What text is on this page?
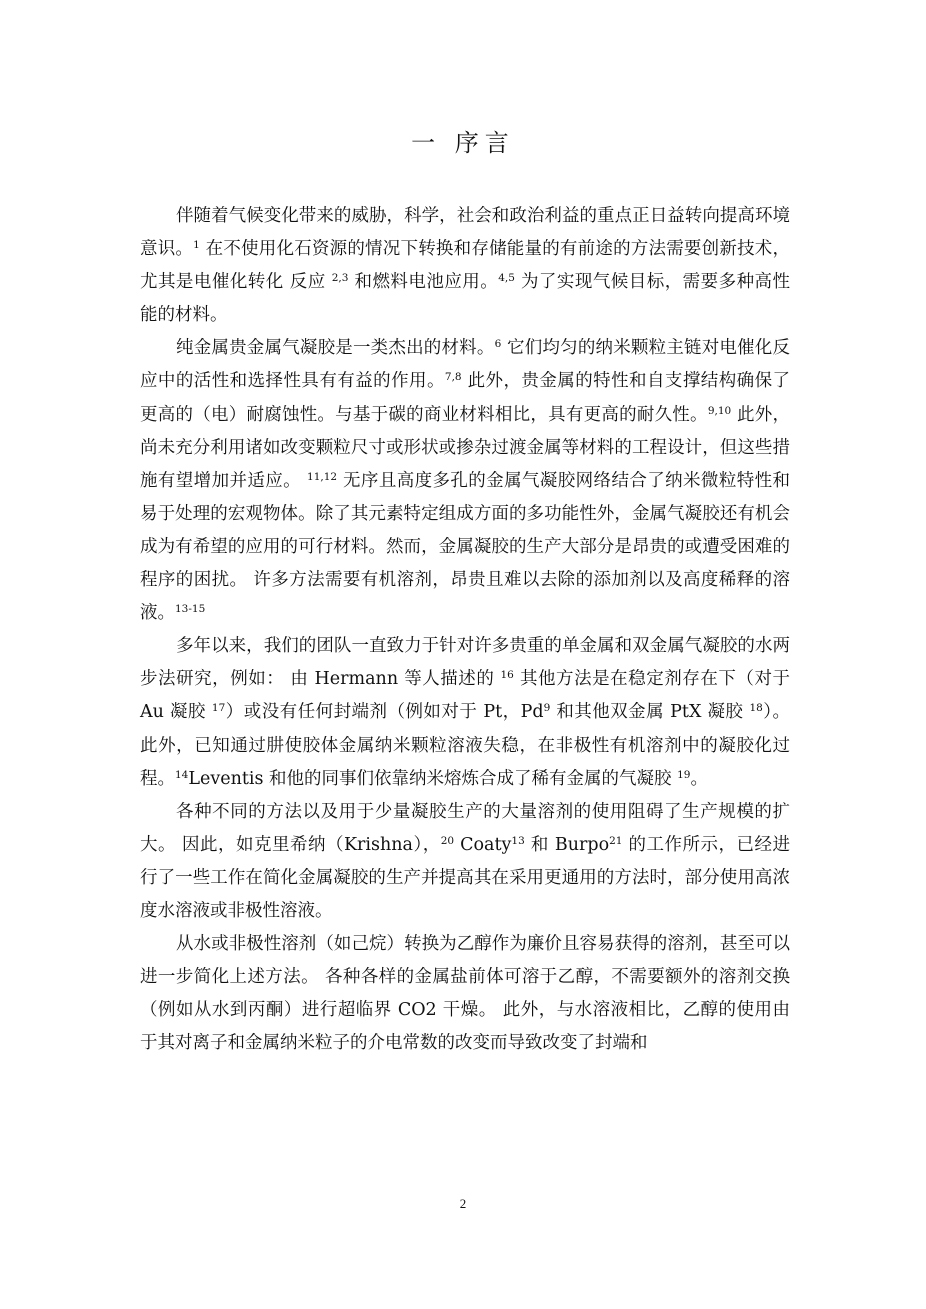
一 序言

伴随着气候变化带来的威胁，科学，社会和政治利益的重点正日益转向提高环境意识。$^1$ 在不使用化石资源的情况下转换和存储能量的有前途的方法需要创新技术，尤其是电催化转化 反应 $^{2,3}$ 和燃料电池应用。$^{4,5}$ 为了实现气候目标，需要多种高性能的材料。

纯金属贵金属气凝胶是一类杰出的材料。$^6$ 它们均匀的纳米颗粒主链对电催化反应中的活性和选择性具有有益的作用。$^{7,8}$ 此外，贵金属的特性和自支撑结构确保了更高的（电）耐腐蚀性。与基于碳的商业材料相比，具有更高的耐久性。$^{9,10}$ 此外，尚未充分利用诸如改变颗粒尺寸或形状或掺杂过渡金属等材料的工程设计，但这些措施有望增加并适应。 $^{11,12}$ 无序且高度多孔的金属气凝胶网络结合了纳米微粒特性和易于处理的宏观物体。除了其元素特定组成方面的多功能性外，金属气凝胶还有机会成为有希望的应用的可行材料。然而，金属凝胶的生产大部分是昂贵的或遭受困难的程序的困扰。 许多方法需要有机溶剂，昂贵且难以去除的添加剂以及高度稀释的溶液。$^{13-15}$

多年以来，我们的团队一直致力于针对许多贵重的单金属和双金属气凝胶的水两步法研究，例如： 由 Hermann 等人描述的 $^{16}$ 其他方法是在稳定剂存在下（对于 Au 凝胶 $^{17}$）或没有任何封端剂（例如对于 Pt，Pd$^9$ 和其他双金属 PtX 凝胶 $^{18}$）。 此外，已知通过肼使胶体金属纳米颗粒溶液失稳，在非极性有机溶剂中的凝胶化过程。$^{14}$Leventis 和他的同事们依靠纳米熔炼合成了稀有金属的气凝胶 $^{19}$。

各种不同的方法以及用于少量凝胶生产的大量溶剂的使用阻碍了生产规模的扩大。 因此，如克里希纳（Krishna），$^{20}$ Coaty$^{13}$ 和 Burpo$^{21}$ 的工作所示，已经进行了一些工作在简化金属凝胶的生产并提高其在采用更通用的方法时，部分使用高浓度水溶液或非极性溶液。

从水或非极性溶剂（如己烷）转换为乙醇作为廉价且容易获得的溶剂，甚至可以进一步简化上述方法。 各种各样的金属盐前体可溶于乙醇，不需要额外的溶剂交换（例如从水到丙酮）进行超临界 CO2 干燥。 此外，与水溶液相比，乙醇的使用由于其对离子和金属纳米粒子的介电常数的改变而导致改变了封端和

2
